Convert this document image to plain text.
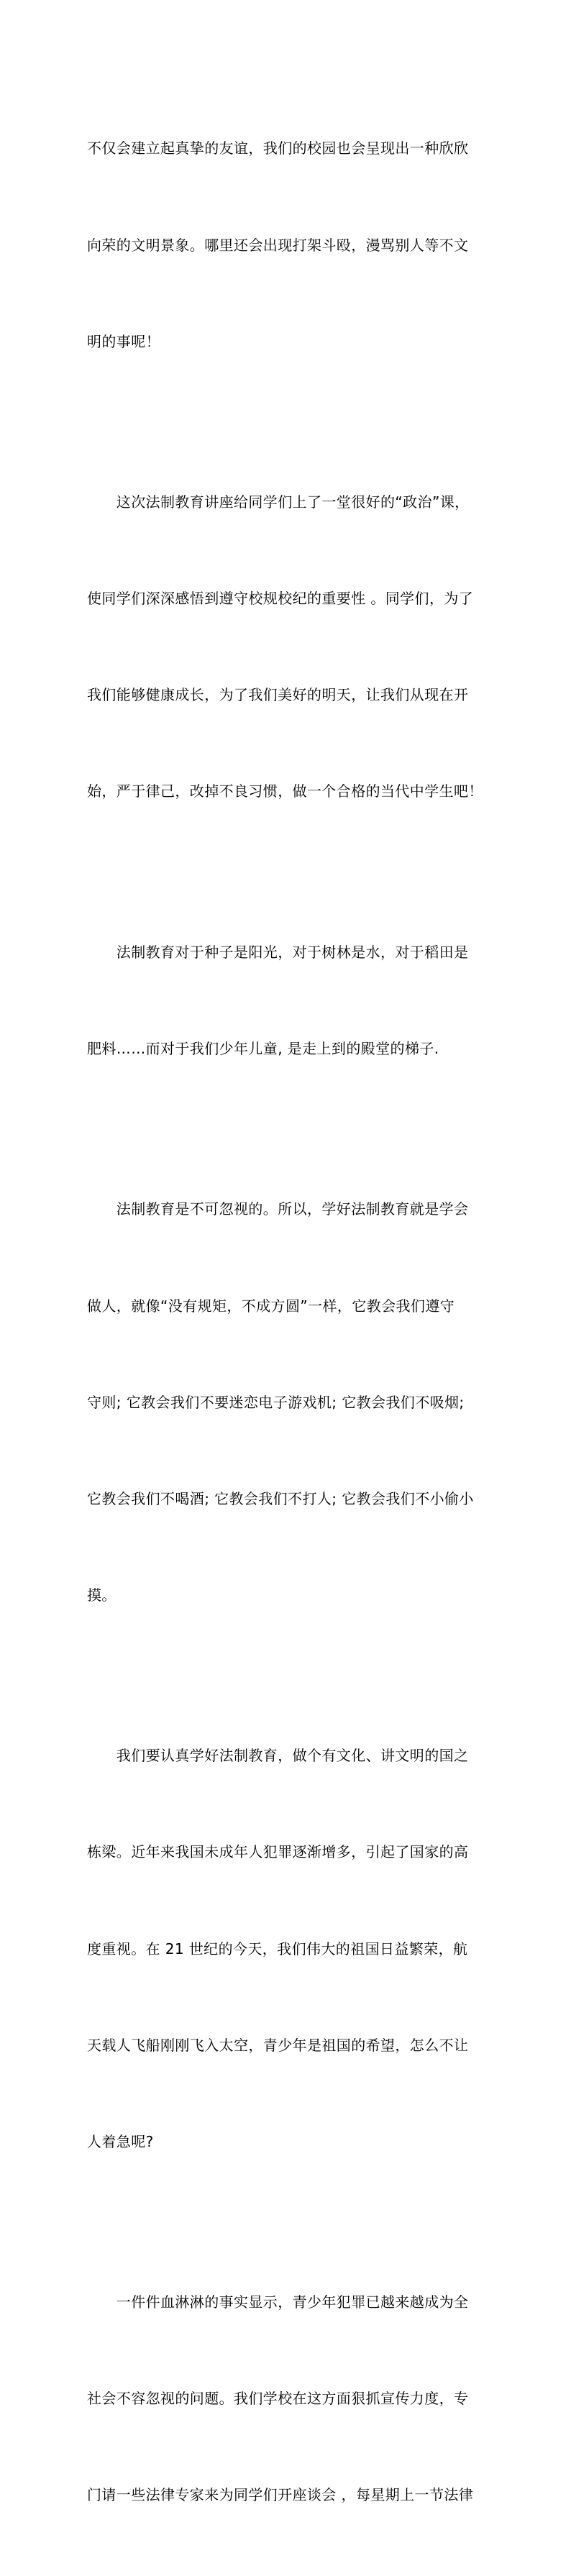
不仅会建立起真挚的友谊，我们的校园也会呈现出一种欣欣

向荣的文明景象。哪里还会出现打架斗殴，漫骂别人等不文

明的事呢！

　　这次法制教育讲座给同学们上了一堂很好的“政治”课，

使同学们深深感悟到遵守校规校纪的重要性 。同学们，为了

我们能够健康成长，为了我们美好的明天，让我们从现在开

始，严于律己，改掉不良习惯，做一个合格的当代中学生吧！

　　法制教育对于种子是阳光，对于树林是水，对于稻田是

肥料……而对于我们少年儿童, 是走上到的殿堂的梯子.

　　法制教育是不可忽视的。所以，学好法制教育就是学会

做人，就像“没有规矩，不成方圆”一样，它教会我们遵守

守则; 它教会我们不要迷恋电子游戏机; 它教会我们不吸烟;

它教会我们不喝酒; 它教会我们不打人; 它教会我们不小偷小

摸。

　　我们要认真学好法制教育，做个有文化、讲文明的国之

栋梁。近年来我国未成年人犯罪逐渐增多，引起了国家的高

度重视。在 21 世纪的今天，我们伟大的祖国日益繁荣，航

天载人飞船刚刚飞入太空，青少年是祖国的希望，怎么不让

人着急呢?

　　一件件血淋淋的事实显示，青少年犯罪已越来越成为全

社会不容忽视的问题。我们学校在这方面狠抓宣传力度，专

门请一些法律专家来为同学们开座谈会 ，每星期上一节法律
